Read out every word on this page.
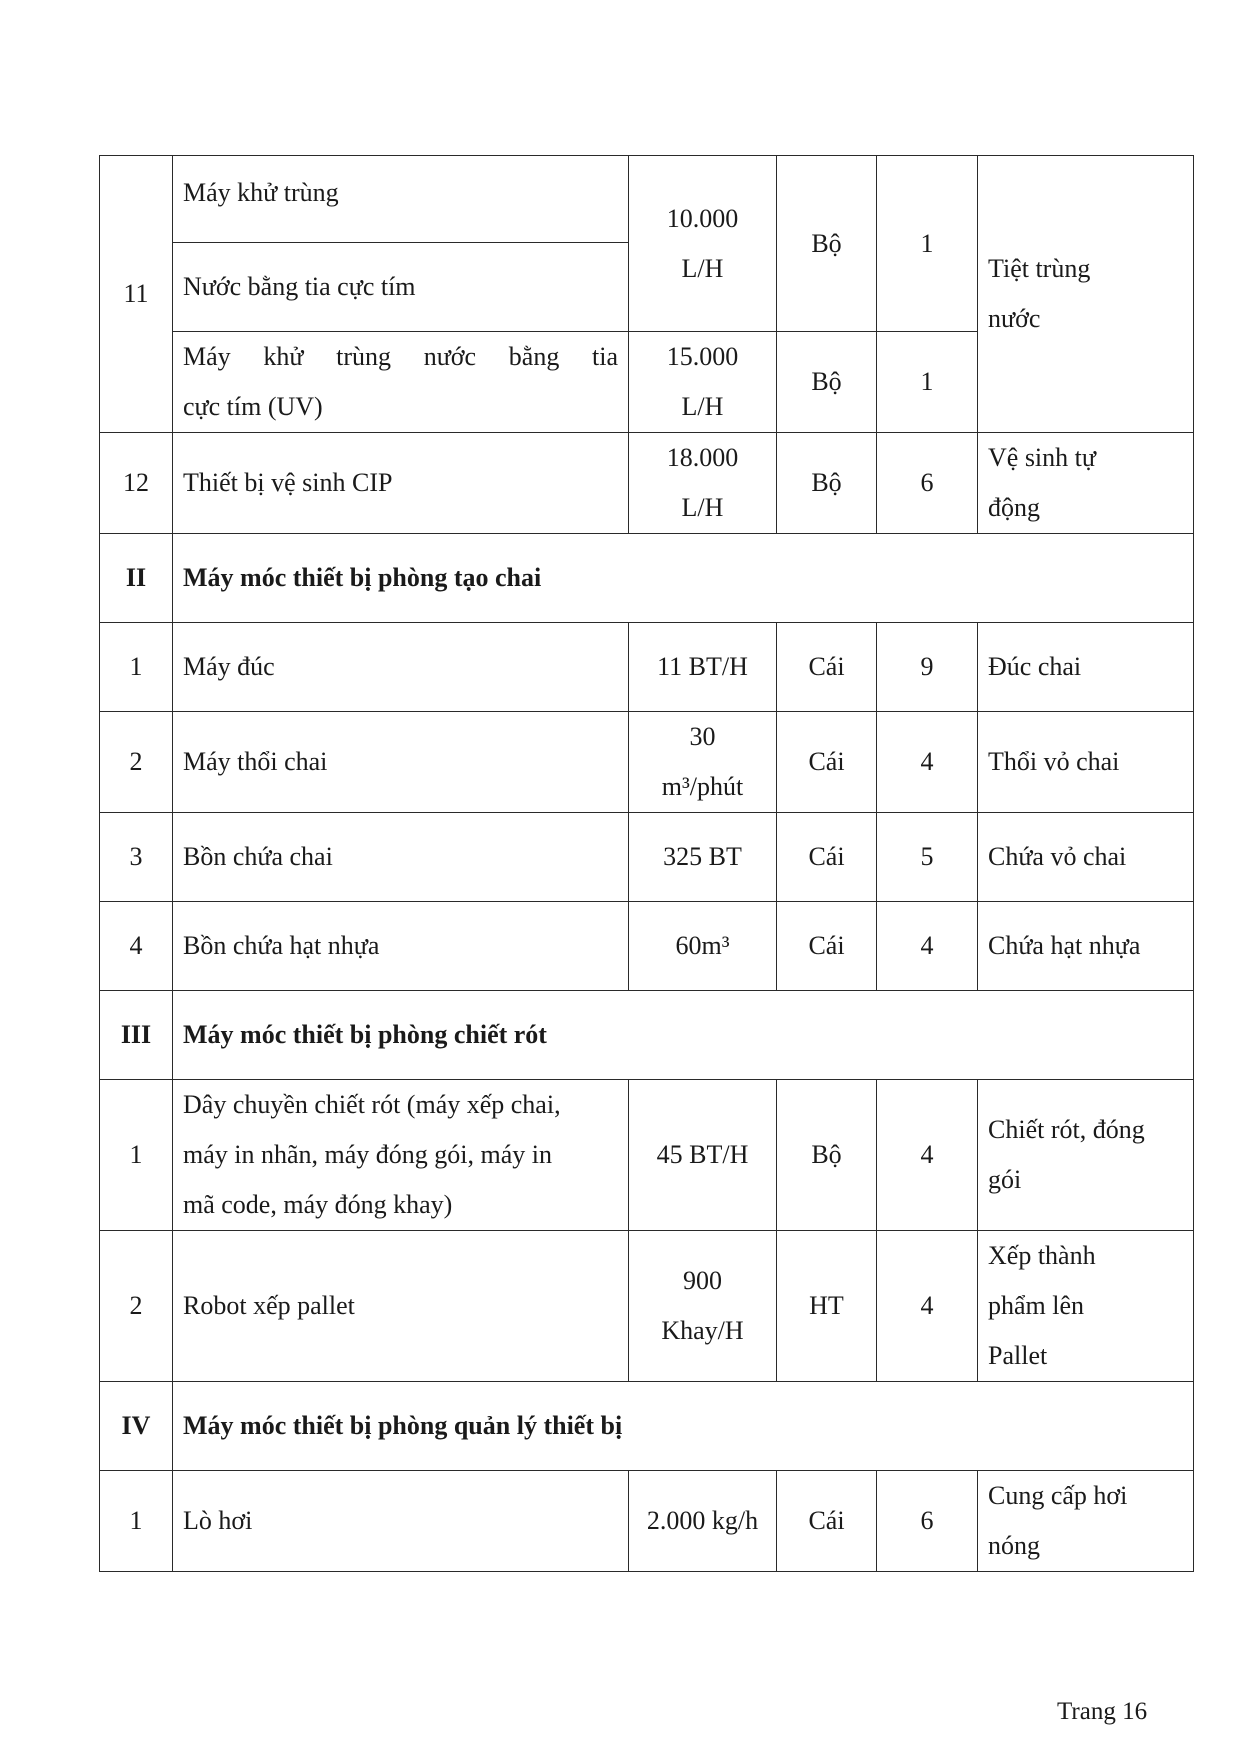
11	Máy khử trùng	10.000
L/H	Bộ	1	Tiệt trùng
nước

	Nước bằng tia cực tím				

	Máy khử trùng nước bằng tia
cực tím (UV)	15.000
L/H	Bộ	1	
12	Thiết bị vệ sinh CIP	18.000
L/H	Bộ	6	Vệ sinh tự
động

II	Máy móc thiết bị phòng tạo chai				
1	Máy đúc	11 BT/H	Cái	9	Đúc chai
2	Máy thổi chai	30
m³/phút	Cái	4	Thổi vỏ chai
3	Bồn chứa chai	325 BT	Cái	5	Chứa vỏ chai
4	Bồn chứa hạt nhựa	60m³	Cái	4	Chứa hạt nhựa
III	Máy móc thiết bị phòng chiết rót				
1	Dây chuyền chiết rót (máy xếp chai,
máy in nhãn, máy đóng gói, máy in
mã code, máy đóng khay)	45 BT/H	Bộ	4	Chiết rót, đóng
gói

2	Robot xếp pallet	900
Khay/H	HT	4	Xếp thành
phẩm lên
Pallet

IV	Máy móc thiết bị phòng quản lý thiết bị				
1	Lò hơi	2.000 kg/h	Cái	6	Cung cấp hơi
nóng
Trang 16
